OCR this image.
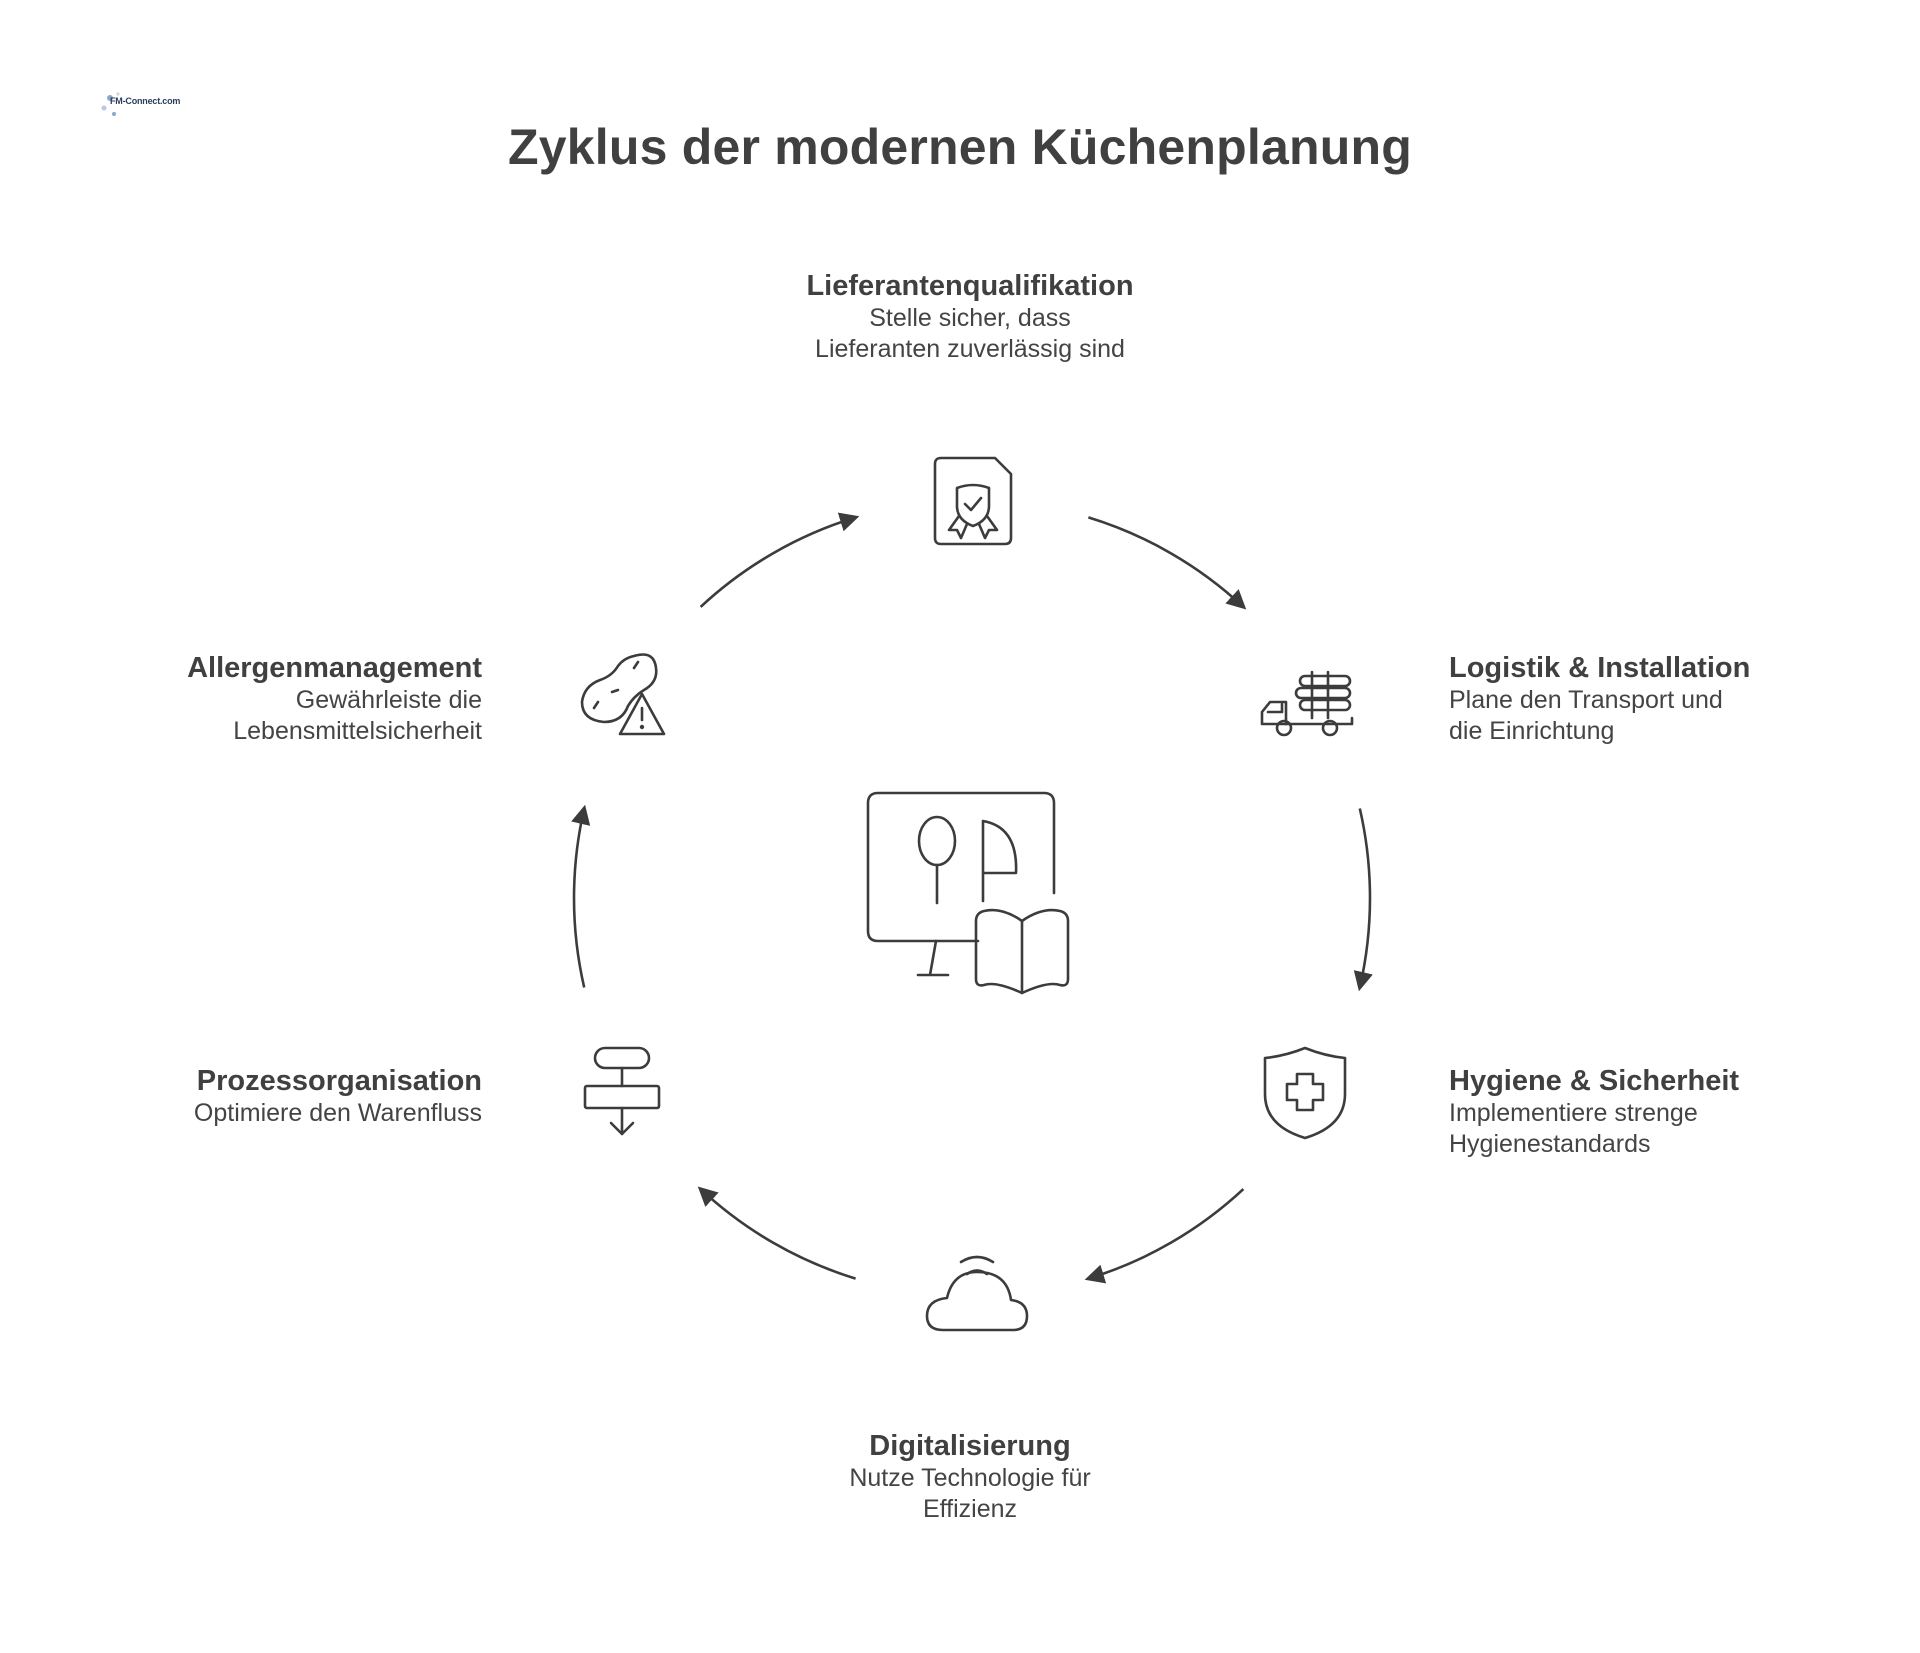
FM-Connect.com
Zyklus der modernen Küchenplanung
Lieferantenqualifikation
Stelle sicher, dass
Lieferanten zuverlässig sind
Logistik & Installation
Plane den Transport und
die Einrichtung
Hygiene & Sicherheit
Implementiere strenge
Hygienestandards
Digitalisierung
Nutze Technologie für
Effizienz
Prozessorganisation
Optimiere den Warenfluss
Allergenmanagement
Gewährleiste die
Lebensmittelsicherheit
